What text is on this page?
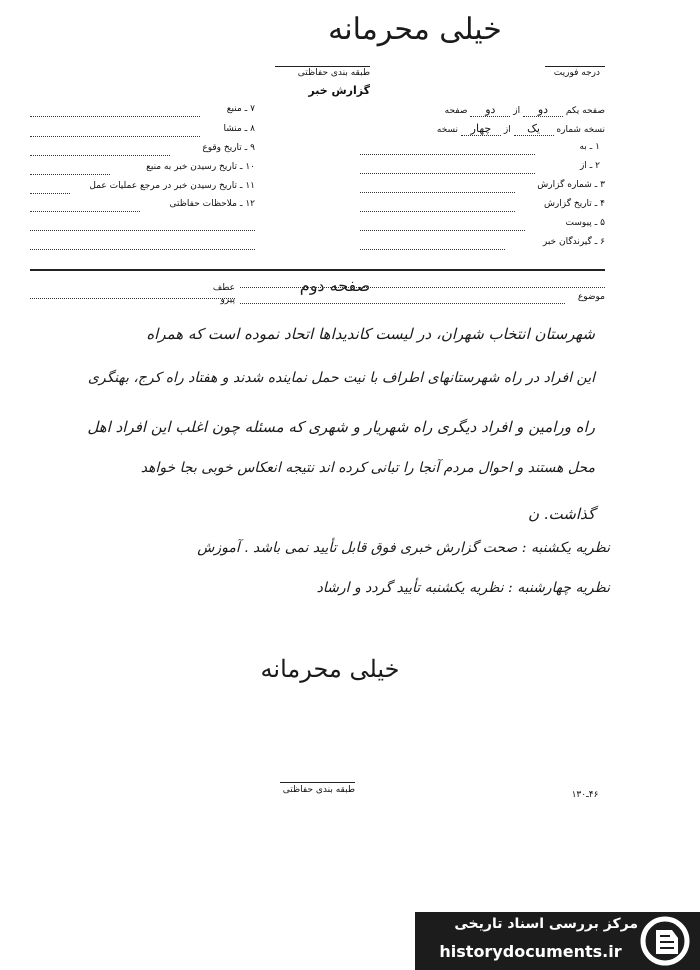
خیلی محرمانه
طبقه بندی حفاظتی	درجه فوریت
گزارش خبر
صفحه یکم دو از دو صفحه
نسخه شماره یک از چهار نسخه
۱ ـ به
۲ ـ از
۳ ـ شماره گزارش
۴ ـ تاریخ گزارش
۵ ـ پیوست
۶ ـ گیرندگان خبر
۷ ـ منبع
۸ ـ منشا
۹ ـ تاریخ وقوع
۱۰ ـ تاریخ رسیدن خبر به منبع
۱۱ ـ تاریخ رسیدن خبر در مرجع عملیات عمل
۱۲ ـ ملاحظات حفاظتی
صفحه دوم
عطف
پیرو	موضوع
شهرستان انتخاب شهران، در لیست کاندیداها اتحاد نموده است که همراه
این افراد در راه شهرستانهای اطراف با نیت حمل نماینده شدند و هفتاد راه کرج، بهنگری
راه ورامین و افراد دیگری راه شهریار و شهری که مسئله چون اغلب این افراد اهل
محل هستند و احوال مردم آنجا را تبانی کرده اند نتیجه انعکاس خوبی بجا خواهد
گذاشت. ن
نظریه یکشنبه : صحت گزارش خبری فوق قابل تأیید نمی باشد . آموزش
نظریه چهارشنبه : نظریه یکشنبه تأیید گردد و ارشاد
خیلی محرمانه
طبقه بندی حفاظتی	۴۶ـ۱۳۰
مرکز بررسی اسناد تاریخی
historydocuments.ir
